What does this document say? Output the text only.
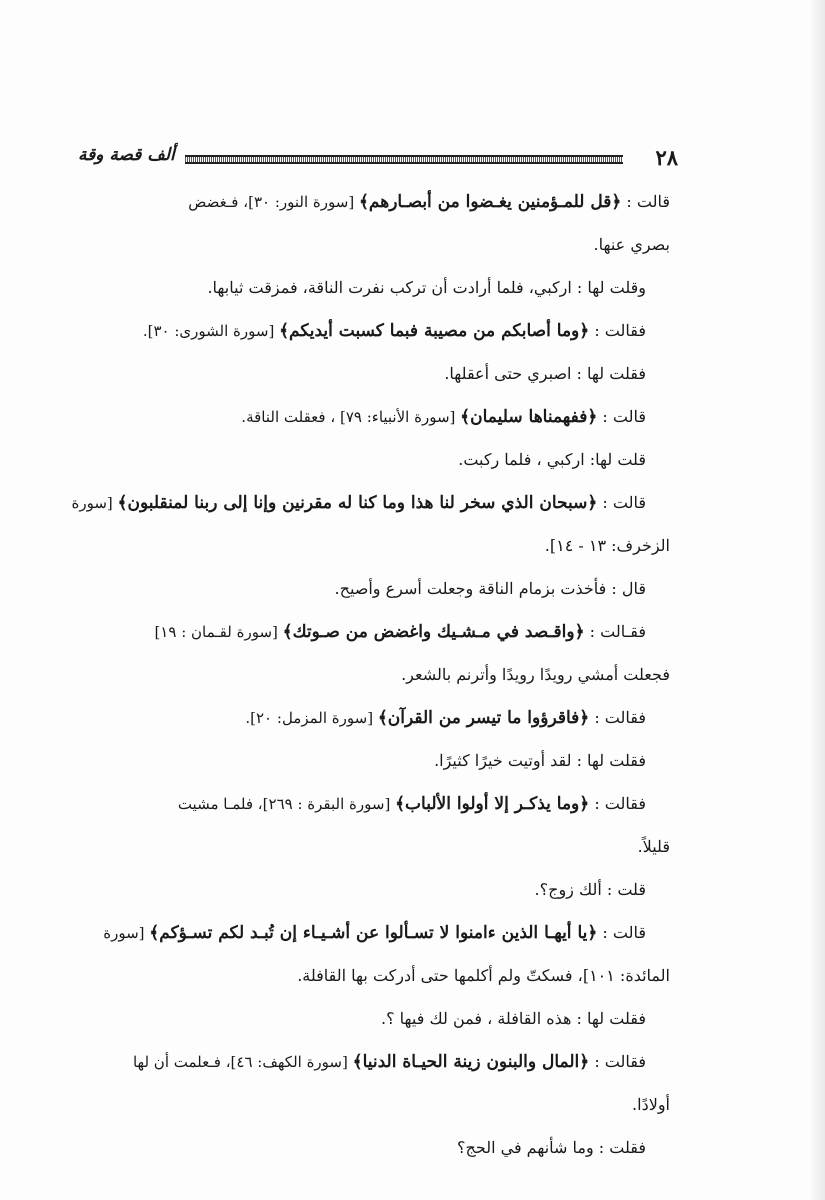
ألف قصة وقة	٢٨
قالت : ﴿قل للمـؤمنين يغـضوا من أبصـارهم﴾ [سورة النور: ٣٠]، فـغضض
بصري عنها.
وقلت لها : اركبي، فلما أرادت أن تركب نفرت الناقة، فمزقت ثيابها.
فقالت : ﴿وما أصابكم من مصيبة فبما كسبت أيديكم﴾ [سورة الشورى: ٣٠].
فقلت لها : اصبري حتى أعقلها.
قالت : ﴿ففهمناها سليمان﴾ [سورة الأنبياء: ٧٩] ، فعقلت الناقة.
قلت لها: اركبي ، فلما ركبت.
قالت : ﴿سبحان الذي سخر لنا هذا وما كنا له مقرنين وإنا إلى ربنا لمنقلبون﴾ [سورة
الزخرف: ١٣ - ١٤].
قال : فأخذت بزمام الناقة وجعلت أسرع وأصيح.
فقـالت : ﴿واقـصد في مـشـيك واغضض من صـوتك﴾ [سورة لقـمان : ١٩]
فجعلت أمشي رويدًا رويدًا وأترنم بالشعر.
فقالت : ﴿فاقرؤوا ما تيسر من القرآن﴾ [سورة المزمل: ٢٠].
فقلت لها : لقد أوتيت خيرًا كثيرًا.
فقالت : ﴿وما يذكـر إلا أولوا الألباب﴾ [سورة البقرة : ٢٦٩]، فلمـا مشيت
قليلاً.
قلت : ألك زوج؟.
قالت : ﴿يا أيهـا الذين ءامنوا لا تسـألوا عن أشـيـاء إن تُبـد لكم تسـؤكم﴾ [سورة
المائدة: ١٠١]، فسكتّ ولم أكلمها حتى أدركت بها القافلة.
فقلت لها : هذه القافلة ، فمن لك فيها ؟.
فقالت : ﴿المال والبنون زينة الحيـاة الدنيا﴾ [سورة الكهف: ٤٦]، فـعلمت أن لها
أولادًا.
فقلت : وما شأنهم في الحج؟
